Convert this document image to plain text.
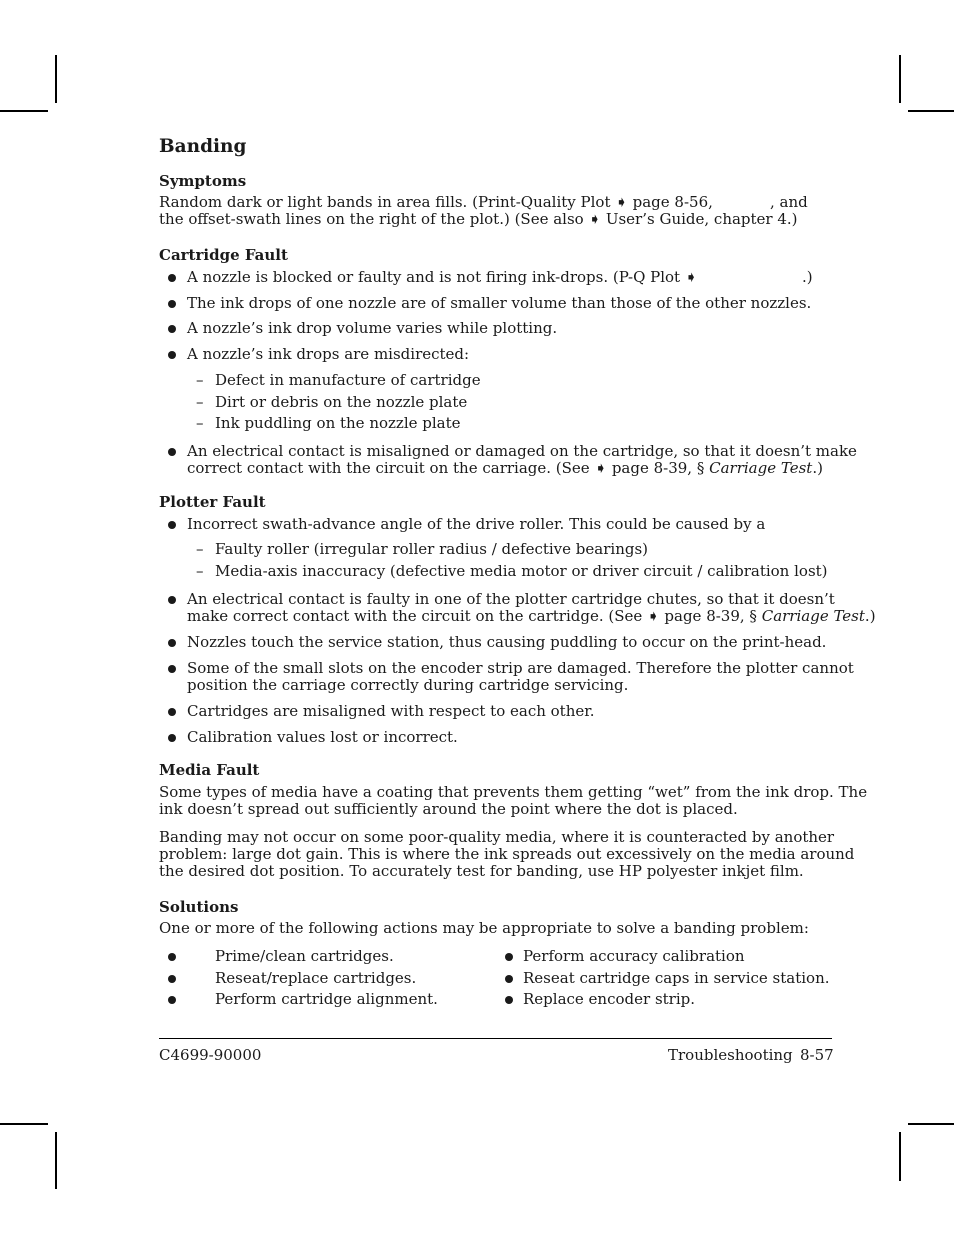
Banding
Symptoms
Random dark or light bands in area fills. (Print-Quality Plot ➧ page 8-56,	, and
the offset-swath lines on the right of the plot.) (See also ➧ User’s Guide, chapter 4.)
Cartridge Fault
A nozzle is blocked or faulty and is not firing ink-drops. (P-Q Plot ➧	.)
The ink drops of one nozzle are of smaller volume than those of the other nozzles.
A nozzle’s ink drop volume varies while plotting.
A nozzle’s ink drops are misdirected:
– Defect in manufacture of cartridge
– Dirt or debris on the nozzle plate
– Ink puddling on the nozzle plate
An electrical contact is misaligned or damaged on the cartridge, so that it doesn’t make
correct contact with the circuit on the carriage. (See ➧ page 8-39, § Carriage Test.)
Plotter Fault
Incorrect swath-advance angle of the drive roller. This could be caused by a
– Faulty roller (irregular roller radius / defective bearings)
– Media-axis inaccuracy (defective media motor or driver circuit / calibration lost)
An electrical contact is faulty in one of the plotter cartridge chutes, so that it doesn’t
make correct contact with the circuit on the cartridge. (See ➧ page 8-39, § Carriage Test.)
Nozzles touch the service station, thus causing puddling to occur on the print-head.
Some of the small slots on the encoder strip are damaged. Therefore the plotter cannot
position the carriage correctly during cartridge servicing.
Cartridges are misaligned with respect to each other.
Calibration values lost or incorrect.
Media Fault
Some types of media have a coating that prevents them getting “wet” from the ink drop. The
ink doesn’t spread out sufficiently around the point where the dot is placed.
Banding may not occur on some poor-quality media, where it is counteracted by another
problem: large dot gain. This is where the ink spreads out excessively on the media around
the desired dot position. To accurately test for banding, use HP polyester inkjet film.
Solutions
One or more of the following actions may be appropriate to solve a banding problem:
Prime/clean cartridges.
Reseat/replace cartridges.
Perform cartridge alignment.
Perform accuracy calibration
Reseat cartridge caps in service station.
Replace encoder strip.
C4699-90000	Troubleshooting 8-57
